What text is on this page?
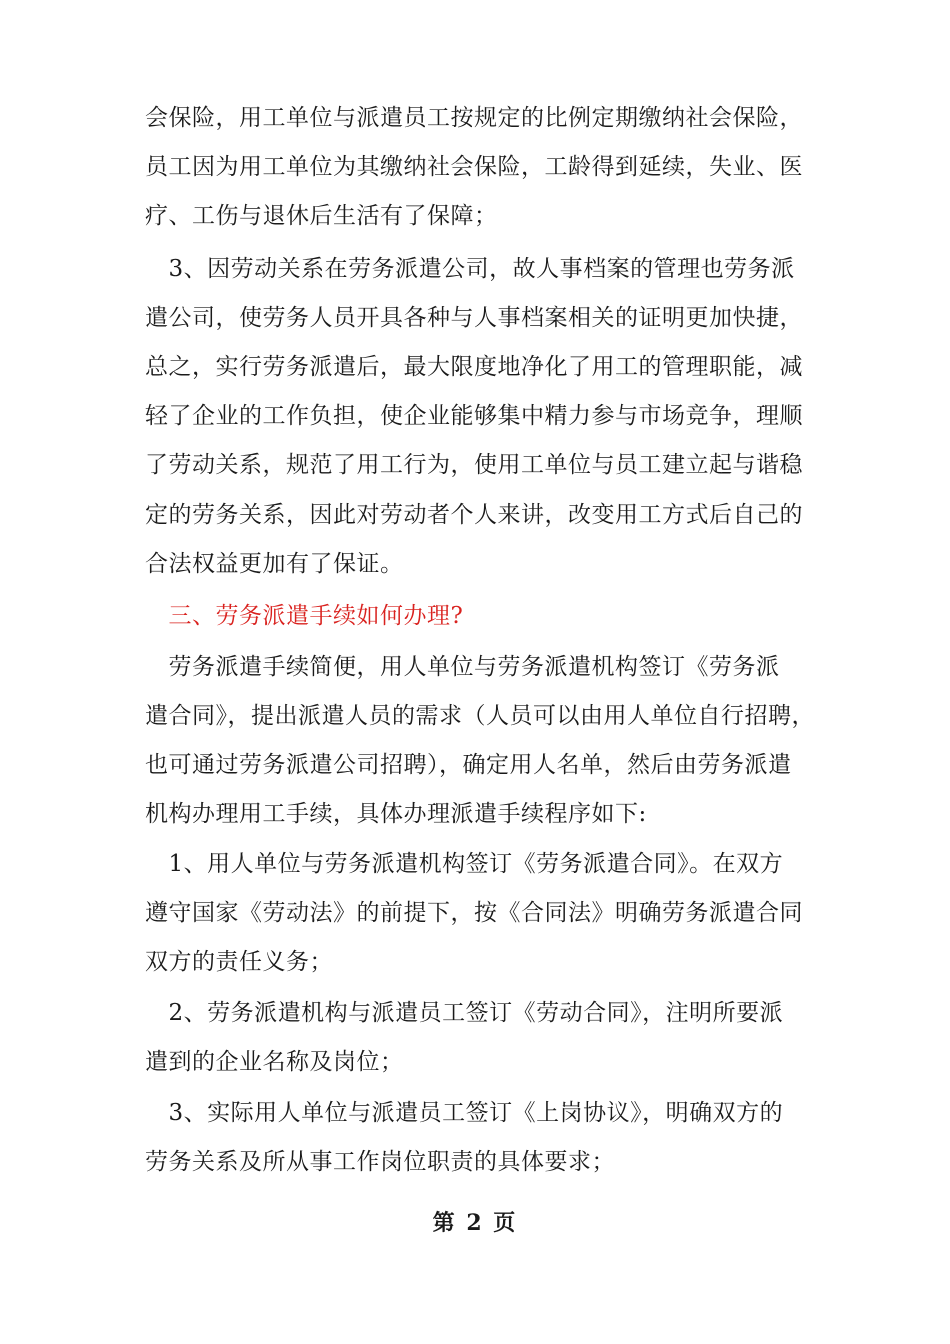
会保险，用工单位与派遣员工按规定的比例定期缴纳社会保险，
员工因为用工单位为其缴纳社会保险，工龄得到延续，失业、医
疗、工伤与退休后生活有了保障；
　3、因劳动关系在劳务派遣公司，故人事档案的管理也劳务派
遣公司，使劳务人员开具各种与人事档案相关的证明更加快捷，
总之，实行劳务派遣后，最大限度地净化了用工的管理职能，减
轻了企业的工作负担，使企业能够集中精力参与市场竞争，理顺
了劳动关系，规范了用工行为，使用工单位与员工建立起与谐稳
定的劳务关系，因此对劳动者个人来讲，改变用工方式后自己的
合法权益更加有了保证。
　三、劳务派遣手续如何办理?
　劳务派遣手续简便，用人单位与劳务派遣机构签订《劳务派
遣合同》，提出派遣人员的需求（人员可以由用人单位自行招聘，
也可通过劳务派遣公司招聘），确定用人名单，然后由劳务派遣
机构办理用工手续，具体办理派遣手续程序如下:
　1、用人单位与劳务派遣机构签订《劳务派遣合同》。在双方
遵守国家《劳动法》的前提下，按《合同法》明确劳务派遣合同
双方的责任义务；
　2、劳务派遣机构与派遣员工签订《劳动合同》，注明所要派
遣到的企业名称及岗位；
　3、实际用人单位与派遣员工签订《上岗协议》，明确双方的
劳务关系及所从事工作岗位职责的具体要求；
第 2 页
